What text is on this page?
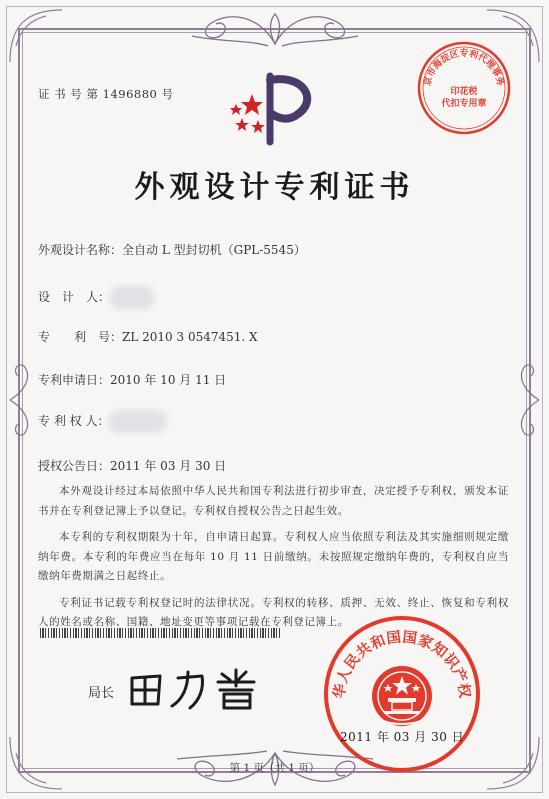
证 书 号 第 1496880 号
京市海淀区专利代理事务
印花税
代扣专用章
外观设计专利证书
外观设计名称：全自动 L 型封切机（GPL-5545）
设　计　人：
专　　利　号：ZL 2010 3 0547451. X
专利申请日：2010 年 10 月 11 日
专 利 权 人：
授权公告日：2011 年 03 月 30 日

本外观设计经过本局依照中华人民共和国专利法进行初步审查，决定授予专利权，颁发本证书并在专利登记簿上予以登记。专利权自授权公告之日起生效。

本专利的专利权期限为十年，自申请日起算。专利权人应当依照专利法及其实施细则规定缴纳年费。本专利的年费应当在每年 10 月 11 日前缴纳。未按照规定缴纳年费的，专利权自应当缴纳年费期满之日起终止。

专利证书记载专利权登记时的法律状况。专利权的转移、质押、无效、终止、恢复和专利权人的姓名或名称、国籍、地址变更等事项记载在专利登记簿上。

局长	华人民共和国国家知识产权
2011 年 03 月 30 日
第 1 页（共 1 页）
